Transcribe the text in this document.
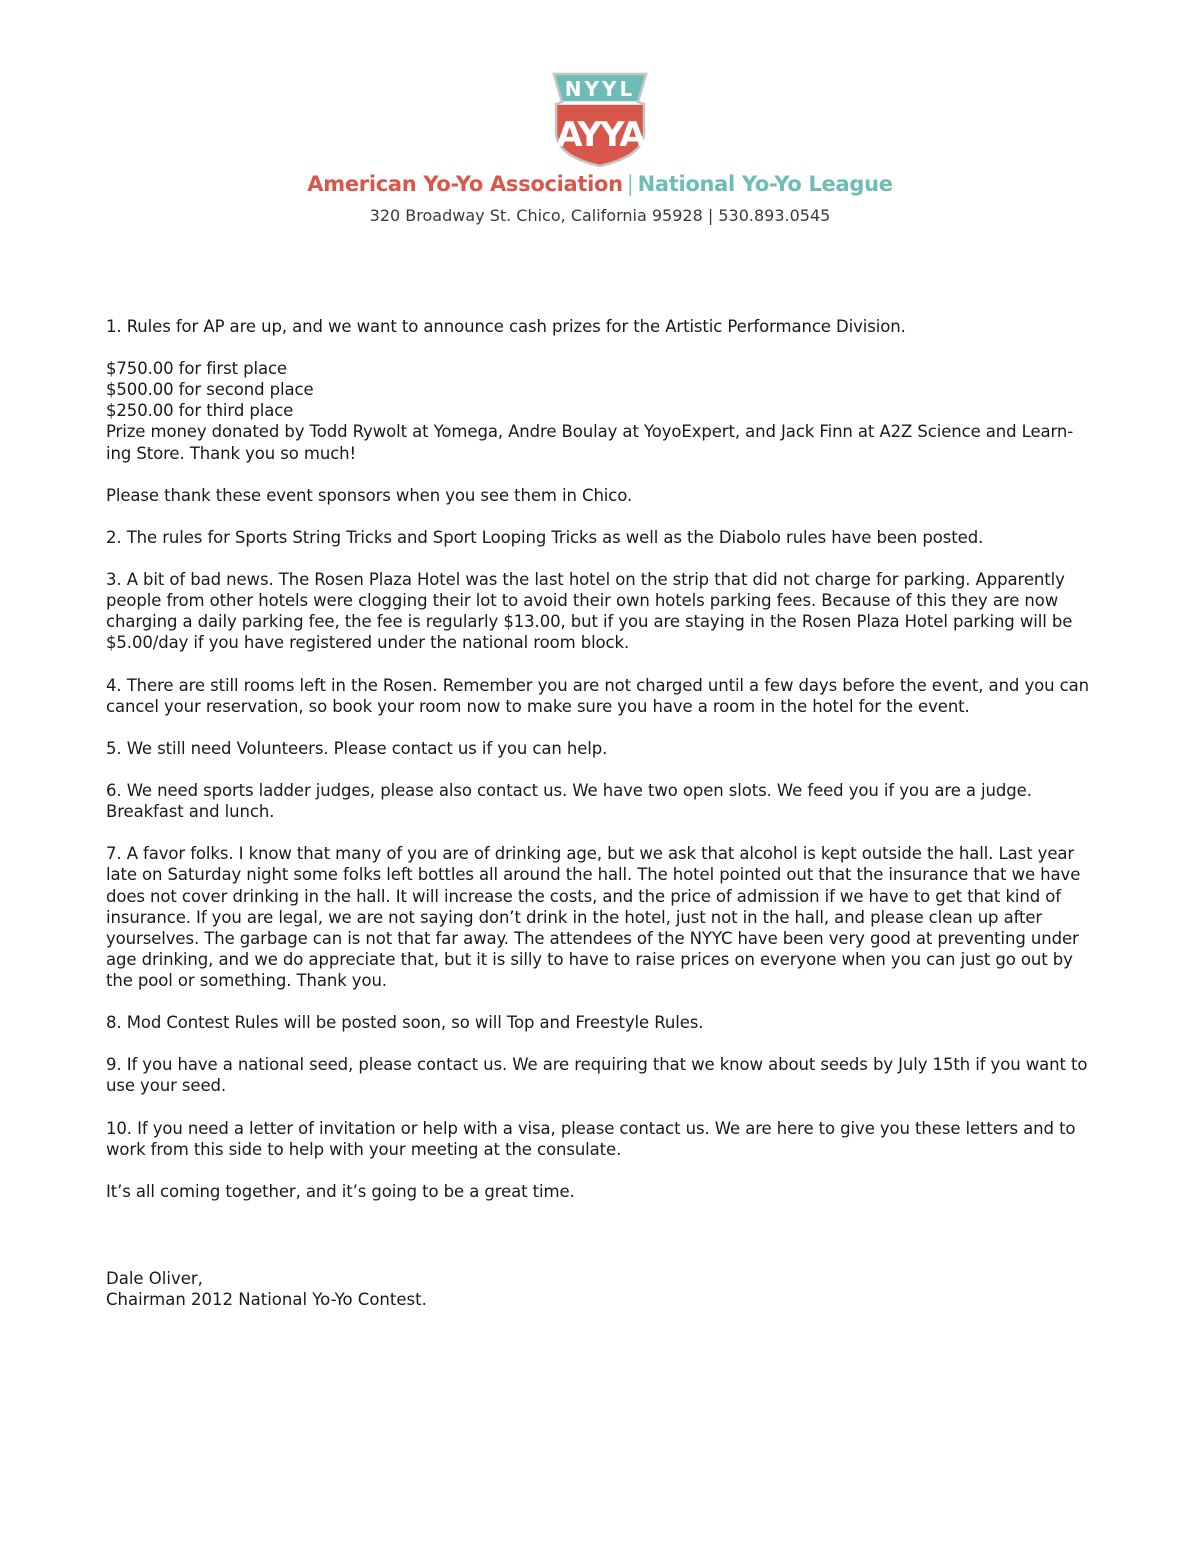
NYYL
AYYA
American Yo-Yo Association | National Yo-Yo League
320 Broadway St. Chico, California 95928 | 530.893.0545

1. Rules for AP are up, and we want to announce cash prizes for the Artistic Performance Division.

$750.00 for first place

$500.00 for second place

$250.00 for third place

Prize money donated by Todd Rywolt at Yomega, Andre Boulay at YoyoExpert, and Jack Finn at A2Z Science and Learn-ing Store. Thank you so much!

Please thank these event sponsors when you see them in Chico.

2. The rules for Sports String Tricks and Sport Looping Tricks as well as the Diabolo rules have been posted.

3. A bit of bad news. The Rosen Plaza Hotel was the last hotel on the strip that did not charge for parking. Apparently people from other hotels were clogging their lot to avoid their own hotels parking fees. Because of this they are now charging a daily parking fee, the fee is regularly $13.00, but if you are staying in the Rosen Plaza Hotel parking will be $5.00/day if you have registered under the national room block.

4. There are still rooms left in the Rosen. Remember you are not charged until a few days before the event, and you can cancel your reservation, so book your room now to make sure you have a room in the hotel for the event.

5. We still need Volunteers. Please contact us if you can help.

6. We need sports ladder judges, please also contact us. We have two open slots. We feed you if you are a judge. Breakfast and lunch.

7. A favor folks. I know that many of you are of drinking age, but we ask that alcohol is kept outside the hall. Last year late on Saturday night some folks left bottles all around the hall. The hotel pointed out that the insurance that we have does not cover drinking in the hall. It will increase the costs, and the price of admission if we have to get that kind of insurance. If you are legal, we are not saying don’t drink in the hotel, just not in the hall, and please clean up after yourselves. The garbage can is not that far away. The attendees of the NYYC have been very good at preventing under age drinking, and we do appreciate that, but it is silly to have to raise prices on everyone when you can just go out by the pool or something. Thank you.

8. Mod Contest Rules will be posted soon, so will Top and Freestyle Rules.

9. If you have a national seed, please contact us. We are requiring that we know about seeds by July 15th if you want to use your seed.

10. If you need a letter of invitation or help with a visa, please contact us. We are here to give you these letters and to work from this side to help with your meeting at the consulate.

It’s all coming together, and it’s going to be a great time.

Dale Oliver,
Chairman 2012 National Yo-Yo Contest.
